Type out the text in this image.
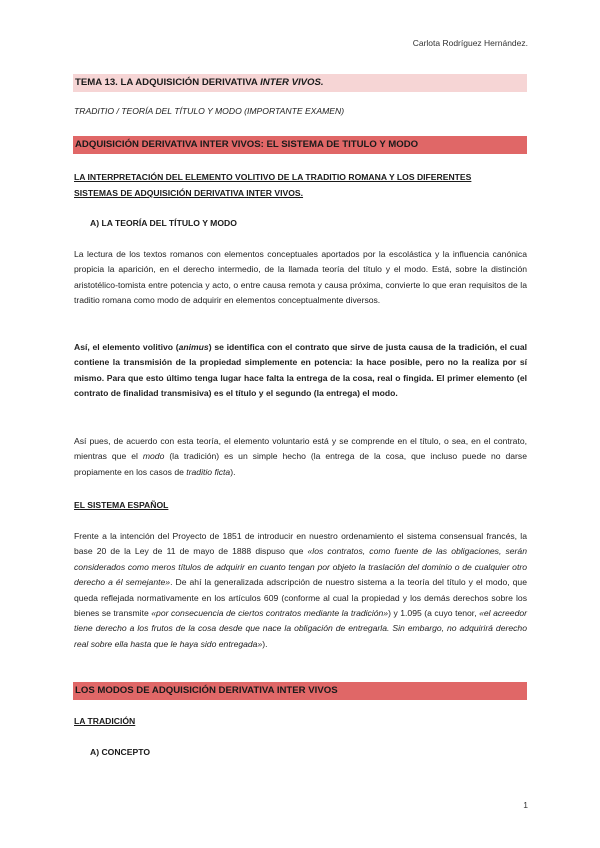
Carlota Rodríguez Hernández.
TEMA 13. LA ADQUISICIÓN DERIVATIVA INTER VIVOS.
TRADITIO / TEORÍA DEL TÍTULO Y MODO (IMPORTANTE EXAMEN)
ADQUISICIÓN DERIVATIVA INTER VIVOS: EL SISTEMA DE TITULO Y MODO
LA INTERPRETACIÓN DEL ELEMENTO VOLITIVO DE LA TRADITIO ROMANA Y LOS DIFERENTES
SISTEMAS DE ADQUISICIÓN DERIVATIVA INTER VIVOS.
A) LA TEORÍA DEL TÍTULO Y MODO
La lectura de los textos romanos con elementos conceptuales aportados por la escolástica y la influencia canónica propicia la aparición, en el derecho intermedio, de la llamada teoría del título y el modo. Está, sobre la distinción aristotélico-tomista entre potencia y acto, o entre causa remota y causa próxima, convierte lo que eran requisitos de la traditio romana como modo de adquirir en elementos conceptualmente diversos.
Así, el elemento volitivo (animus) se identifica con el contrato que sirve de justa causa de la tradición, el cual contiene la transmisión de la propiedad simplemente en potencia: la hace posible, pero no la realiza por sí mismo. Para que esto último tenga lugar hace falta la entrega de la cosa, real o fingida. El primer elemento (el contrato de finalidad transmisiva) es el título y el segundo (la entrega) el modo.
Así pues, de acuerdo con esta teoría, el elemento voluntario está y se comprende en el título, o sea, en el contrato, mientras que el modo (la tradición) es un simple hecho (la entrega de la cosa, que incluso puede no darse propiamente en los casos de traditio ficta).
EL SISTEMA ESPAÑOL
Frente a la intención del Proyecto de 1851 de introducir en nuestro ordenamiento el sistema consensual francés, la base 20 de la Ley de 11 de mayo de 1888 dispuso que «los contratos, como fuente de las obligaciones, serán considerados como meros títulos de adquirir en cuanto tengan por objeto la traslación del dominio o de cualquier otro derecho a él semejante». De ahí la generalizada adscripción de nuestro sistema a la teoría del título y el modo, que queda reflejada normativamente en los artículos 609 (conforme al cual la propiedad y los demás derechos sobre los bienes se transmite «por consecuencia de ciertos contratos mediante la tradición») y 1.095 (a cuyo tenor, «el acreedor tiene derecho a los frutos de la cosa desde que nace la obligación de entregarla. Sin embargo, no adquirirá derecho real sobre ella hasta que le haya sido entregada»).
LOS MODOS DE ADQUISICIÓN DERIVATIVA INTER VIVOS
LA TRADICIÓN
A) CONCEPTO
1
